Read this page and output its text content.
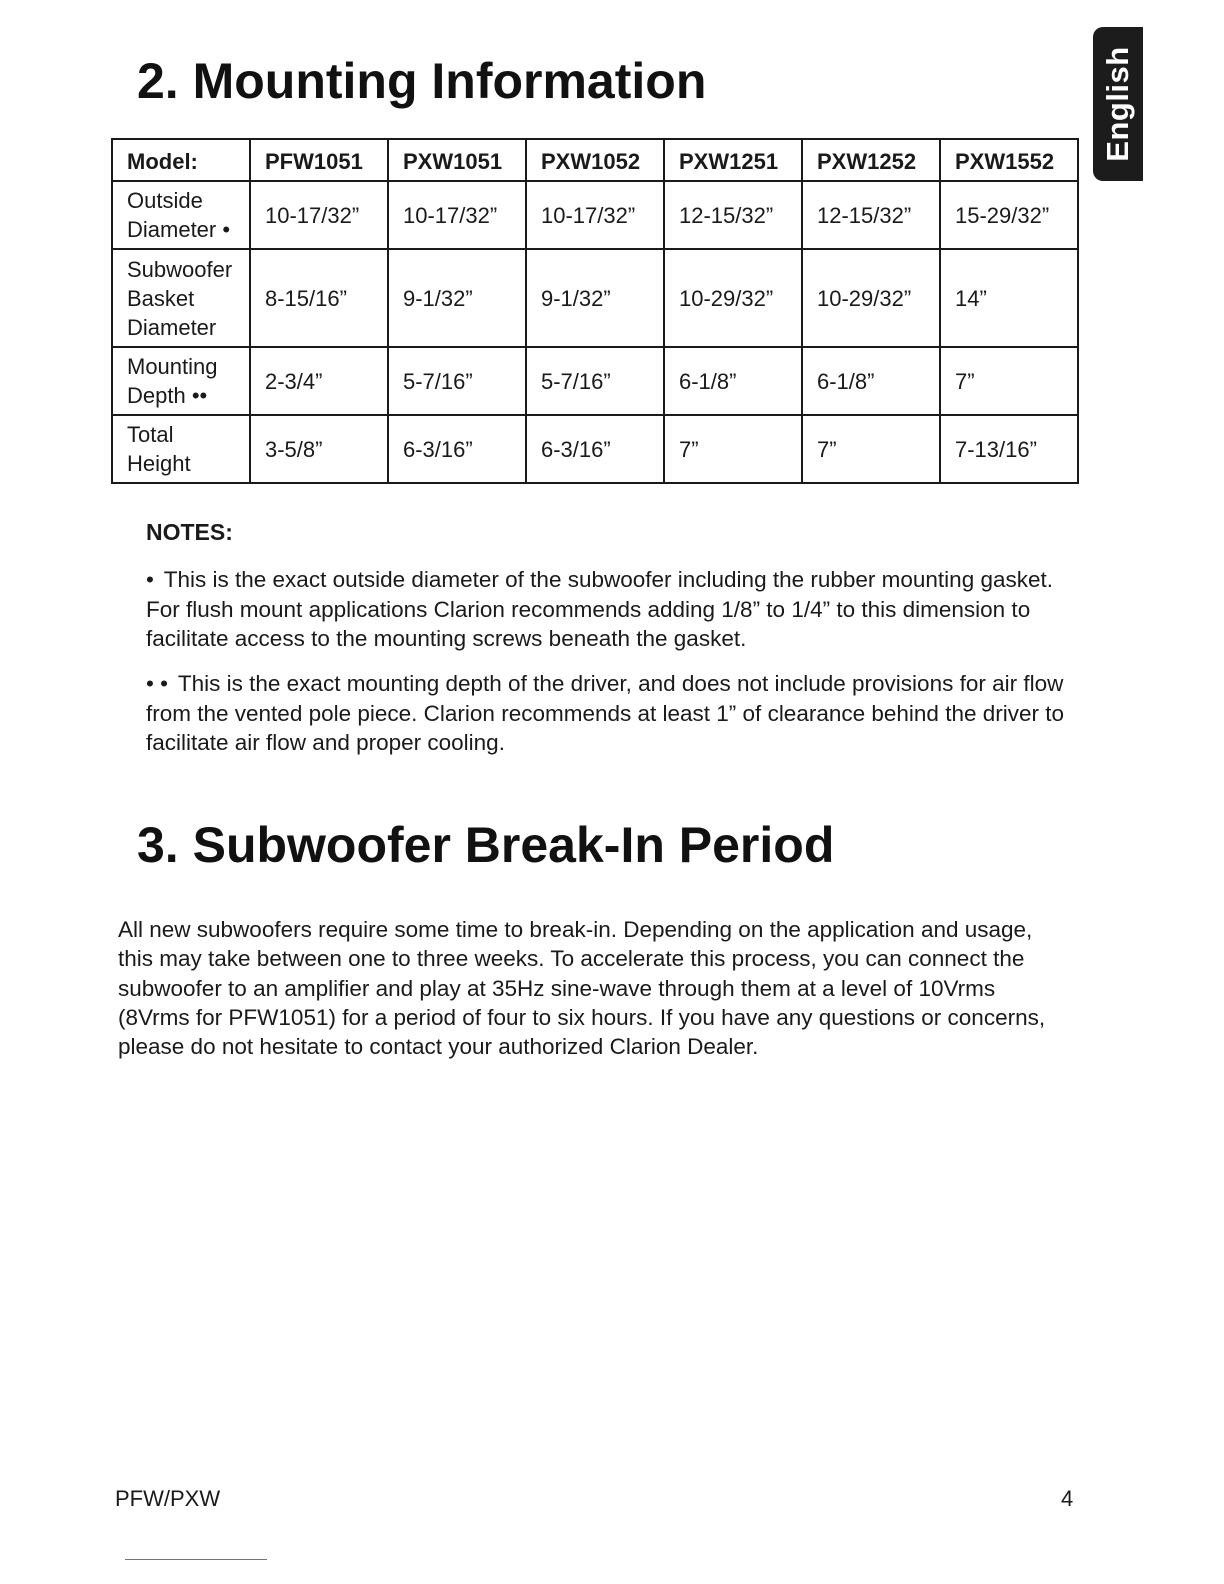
English
2. Mounting Information
Model:	PFW1051	PXW1051	PXW1052	PXW1251	PXW1252	PXW1552
Outside
Diameter •	10-17/32”	10-17/32”	10-17/32”	12-15/32”	12-15/32”	15-29/32”
Subwoofer
Basket
Diameter	8-15/16”	9-1/32”	9-1/32”	10-29/32”	10-29/32”	14”
Mounting
Depth ••	2-3/4”	5-7/16”	5-7/16”	6-1/8”	6-1/8”	7”
Total
Height	3-5/8”	6-3/16”	6-3/16”	7”	7”	7-13/16”
NOTES:

• This is the exact outside diameter of the subwoofer including the rubber mounting gasket. For flush mount applications Clarion recommends adding 1/8” to 1/4” to this dimension to facilitate access to the mounting screws beneath the gasket.

• • This is the exact mounting depth of the driver, and does not include provisions for air flow from the vented pole piece. Clarion recommends at least 1” of clearance behind the driver to facilitate air flow and proper cooling.

3. Subwoofer Break-In Period

All new subwoofers require some time to break-in. Depending on the application and usage, this may take between one to three weeks. To accelerate this process, you can connect the subwoofer to an amplifier and play at 35Hz sine-wave through them at a level of 10Vrms (8Vrms for PFW1051) for a period of four to six hours. If you have any questions or concerns, please do not hesitate to contact your authorized Clarion Dealer.

PFW/PXW	4
